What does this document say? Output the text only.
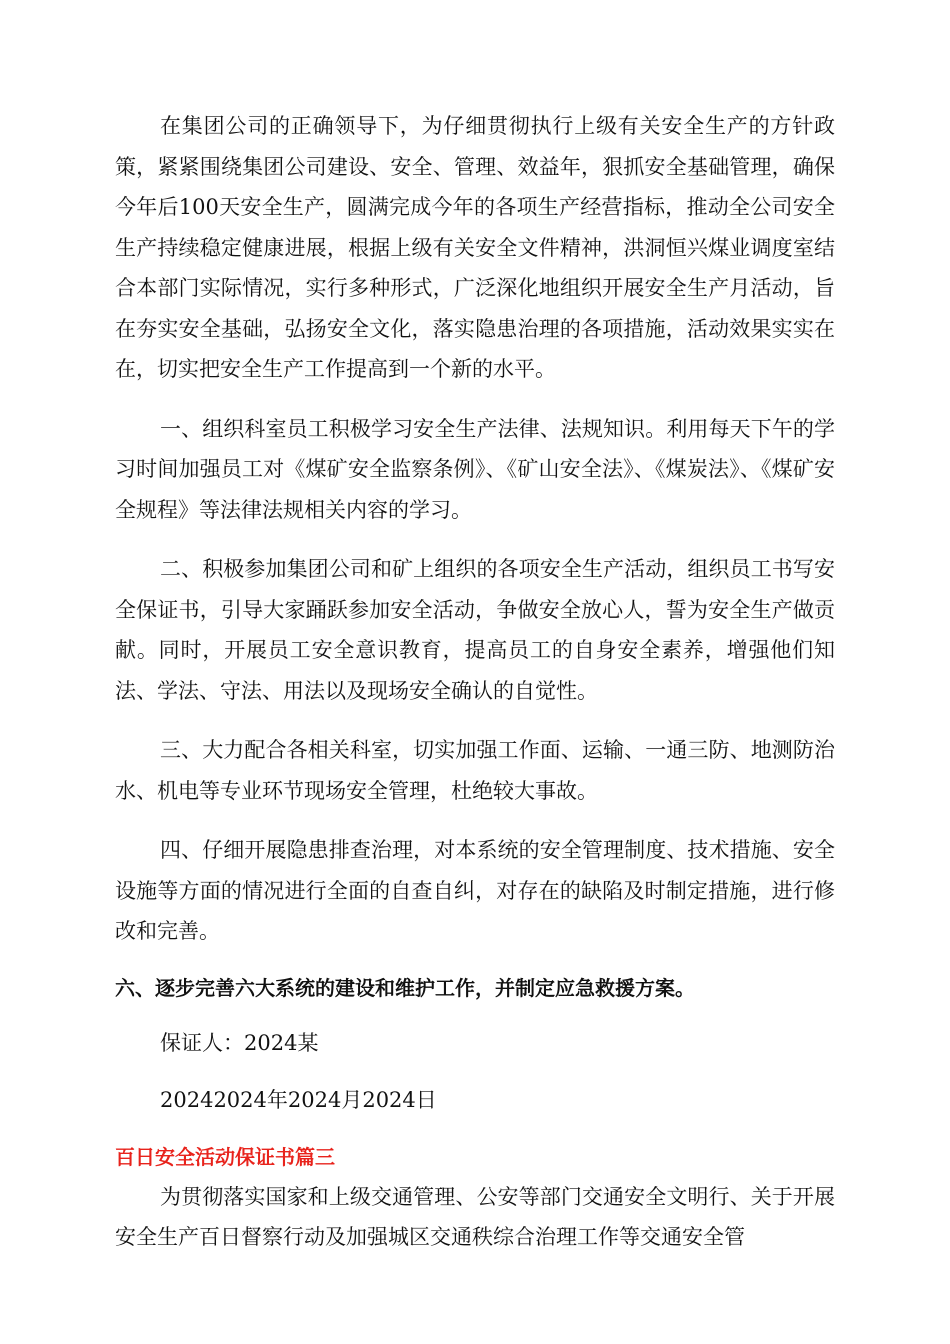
在集团公司的正确领导下，为仔细贯彻执行上级有关安全生产的方针政策，紧紧围绕集团公司建设、安全、管理、效益年，狠抓安全基础管理，确保今年后100天安全生产，圆满完成今年的各项生产经营指标，推动全公司安全生产持续稳定健康进展，根据上级有关安全文件精神，洪洞恒兴煤业调度室结合本部门实际情况，实行多种形式，广泛深化地组织开展安全生产月活动，旨在夯实安全基础，弘扬安全文化，落实隐患治理的各项措施，活动效果实实在在，切实把安全生产工作提高到一个新的水平。

一、组织科室员工积极学习安全生产法律、法规知识。利用每天下午的学习时间加强员工对《煤矿安全监察条例》、《矿山安全法》、《煤炭法》、《煤矿安全规程》等法律法规相关内容的学习。

二、积极参加集团公司和矿上组织的各项安全生产活动，组织员工书写安全保证书，引导大家踊跃参加安全活动，争做安全放心人，誓为安全生产做贡献。同时，开展员工安全意识教育，提高员工的自身安全素养，增强他们知法、学法、守法、用法以及现场安全确认的自觉性。

三、大力配合各相关科室，切实加强工作面、运输、一通三防、地测防治水、机电等专业环节现场安全管理，杜绝较大事故。

四、仔细开展隐患排查治理，对本系统的安全管理制度、技术措施、安全设施等方面的情况进行全面的自查自纠，对存在的缺陷及时制定措施，进行修改和完善。

六、逐步完善六大系统的建设和维护工作，并制定应急救援方案。

保证人：2024某

20242024年2024月2024日

百日安全活动保证书篇三

为贯彻落实国家和上级交通管理、公安等部门交通安全文明行、关于开展安全生产百日督察行动及加强城区交通秩综合治理工作等交通安全管
